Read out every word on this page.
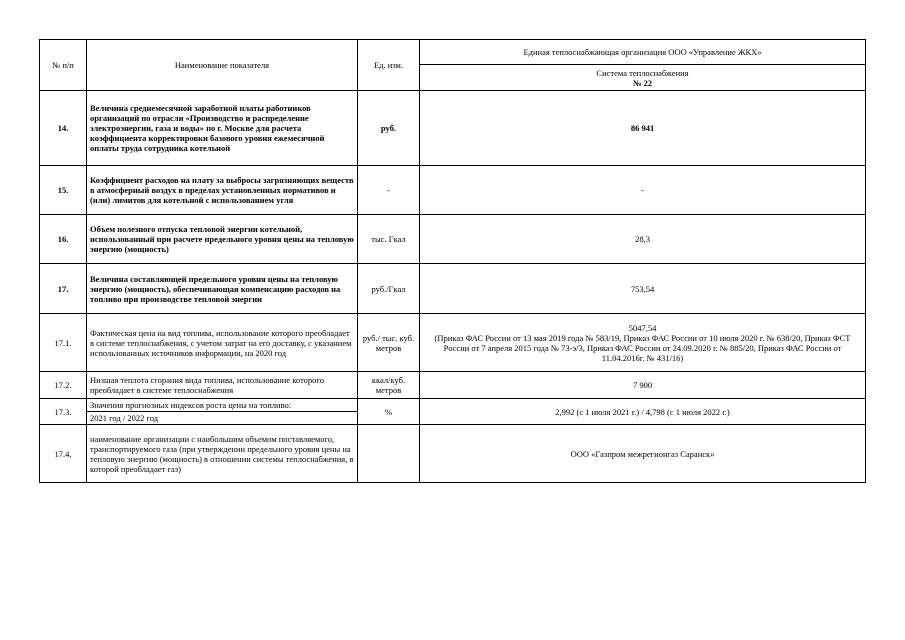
№ п/п	Наименование показателя	Ед. изм.	Единая теплоснабжающая организация ООО «Управление ЖКХ»

			Система теплоснабжения
№ 22

14.	Величина среднемесячной заработной платы работников организаций по отрасли «Производство и распределение электроэнергии, газа и воды» по г. Москве для расчета коэффициента корректировки базового уровня ежемесячной оплаты труда сотрудника котельной	руб.	86 941
15.	Коэффициент расходов на плату за выбросы загрязняющих веществ в атмосферный воздух в пределах установленных нормативов и (или) лимитов для котельной с использованием угля	-	-
16.	Объем полезного отпуска тепловой энергии котельной, использованный при расчете предельного уровня цены на тепловую энергию (мощность)	тыс. Гкал	28,3
17.	Величина составляющей предельного уровня цены на тепловую энергию (мощность), обеспечивающая компенсацию расходов на топливо при производстве тепловой энергии	руб./Гкал	753,54
17.1.	Фактическая цена на вид топлива, использование которого преобладает в системе теплоснабжения, с учетом затрат на его доставку, с указанием использованных источников информации, на 2020 год	руб./ тыс. куб. метров	5047,54
(Приказ ФАС России от 13 мая 2019 года № 583/19, Приказ ФАС России от 10 июля 2020 г. № 638/20, Приказ ФСТ России от 7 апреля 2015 года № 73-э/3, Приказ ФАС России от 24.09.2020 г. № 885/20, Приказ ФАС России от 11.04.2016г. № 431/16)

17.2.	Низшая теплота сгорания вида топлива, использование которого преобладает в системе теплоснабжения	ккал/куб. метров	7 900
17.3.	Значения прогнозных индексов роста цены на топливо:	%	2,992 (с 1 июля 2021 г.) / 4,798 (с 1 июля 2022 г.)
	2021 год / 2022 год		
17.4.	наименование организации с наибольшим объемом поставляемого, транспортируемого газа (при утверждении предельного уровня цены на тепловую энергию (мощность) в отношении системы теплоснабжения, в которой преобладает газ)		ООО «Газпром межрегионгаз Саранск»
